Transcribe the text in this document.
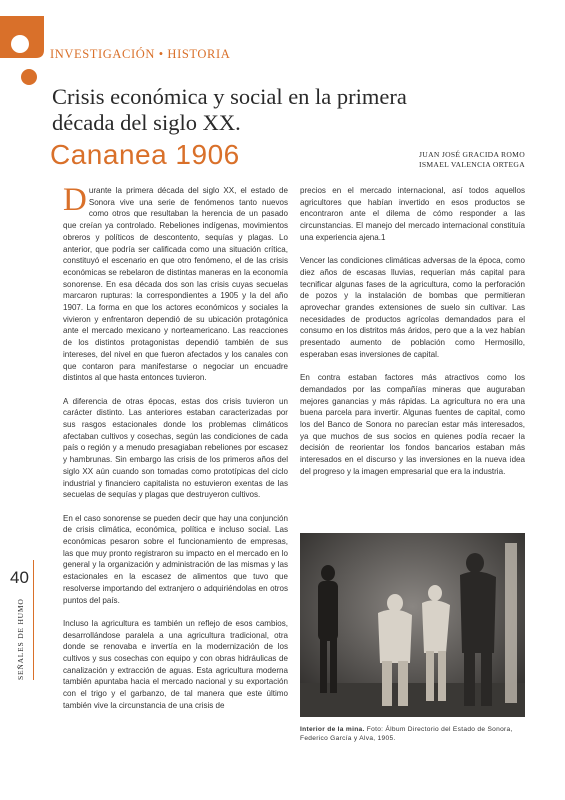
INVESTIGACIÓN • HISTORIA
Crisis económica y social en la primera década del siglo XX.
Cananea 1906	JUAN JOSÉ GRACIDA ROMO
ISMAEL VALENCIA ORTEGA

Durante la primera década del siglo XX, el estado de Sonora vive una serie de fenómenos tanto nuevos como otros que resultaban la herencia de un pasado que creían ya controlado. Rebeliones indígenas, movimientos obreros y políticos de descontento, sequías y plagas. Lo anterior, que podría ser calificada como una situación crítica, constituyó el escenario en que otro fenómeno, el de las crisis económicas se rebelaron de distintas maneras en la economía sonorense. En esa década dos son las crisis cuyas secuelas marcaron rupturas: la correspondientes a 1905 y la del año 1907. La forma en que los actores económicos y sociales la vivieron y enfrentaron dependió de su ubicación protagónica ante el mercado mexicano y norteamericano. Las reacciones de los distintos protagonistas dependió también de sus intereses, del nivel en que fueron afectados y los canales con que contaron para manifestarse o negociar un encuadre distintos al que hasta entonces tuvieron.

A diferencia de otras épocas, estas dos crisis tuvieron un carácter distinto. Las anteriores estaban caracterizadas por sus rasgos estacionales donde los problemas climáticos afectaban cultivos y cosechas, según las condiciones de cada país o región y a menudo presagiaban rebeliones por escasez y hambrunas. Sin embargo las crisis de los primeros años del siglo XX aún cuando son tomadas como prototípicas del ciclo industrial y financiero capitalista no estuvieron exentas de las secuelas de sequías y plagas que destruyeron cultivos.

En el caso sonorense se pueden decir que hay una conjunción de crisis climática, económica, política e incluso social. Las económicas pesaron sobre el funcionamiento de empresas, las que muy pronto registraron su impacto en el mercado en lo general y la organización y administración de las mismas y las estacionales en la escasez de alimentos que tuvo que resolverse importando del extranjero o adquiriéndolas en otros puntos del país.

Incluso la agricultura es también un reflejo de esos cambios, desarrollándose paralela a una agricultura tradicional, otra donde se renovaba e invertía en la modernización de los cultivos y sus cosechas con equipo y con obras hidráulicas de canalización y extracción de aguas. Esta agricultura moderna también apuntaba hacia el mercado nacional y su exportación con el trigo y el garbanzo, de tal manera que este último también vive la circunstancia de una crisis de

precios en el mercado internacional, así todos aquellos agricultores que habían invertido en esos productos se encontraron ante el dilema de cómo responder a las circunstancias. El manejo del mercado internacional constituía una experiencia ajena.1

Vencer las condiciones climáticas adversas de la época, como diez años de escasas lluvias, requerían más capital para tecnificar algunas fases de la agricultura, como la perforación de pozos y la instalación de bombas que permitieran aprovechar grandes extensiones de suelo sin cultivar. Las necesidades de productos agrícolas demandados para el consumo en los distritos más áridos, pero que a la vez habían presentado aumento de población como Hermosillo, esperaban esas inversiones de capital.

En contra estaban factores más atractivos como los demandados por las compañías mineras que auguraban mejores ganancias y más rápidas. La agricultura no era una buena parcela para invertir. Algunas fuentes de capital, como los del Banco de Sonora no parecían estar más interesados, ya que muchos de sus socios en quienes podía recaer la decisión de reorientar los fondos bancarios estaban más interesados en el discurso y las inversiones en la nueva idea del progreso y la imagen empresarial que era la industria.

Interior de la mina. Foto: Álbum Directorio del Estado de Sonora, Federico García y Alva, 1905.
40
SEÑALES DE HUMO
